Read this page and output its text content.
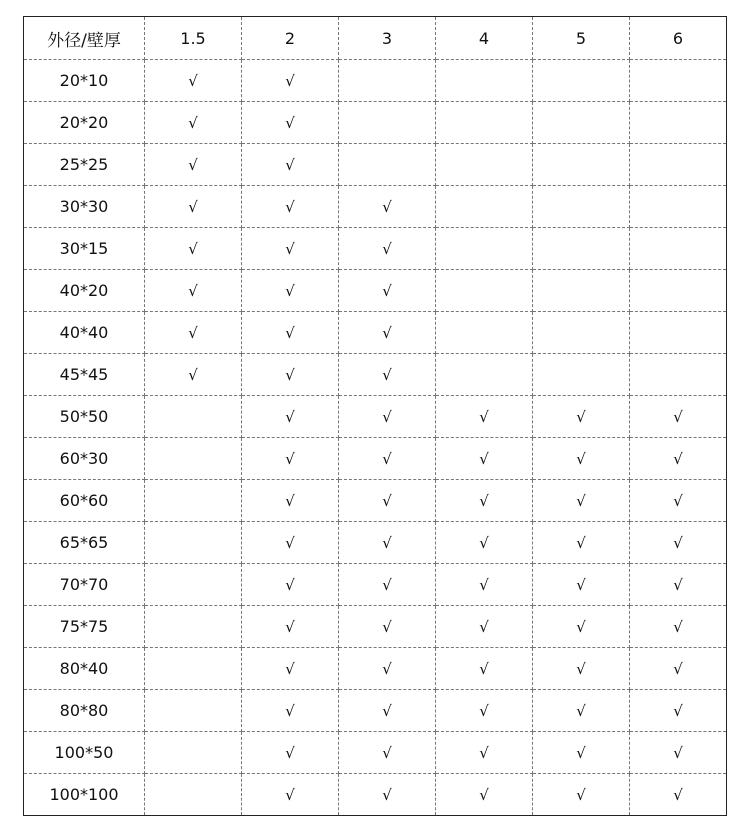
外径/壁厚	1.5	2	3	4	5	6
20*10	√	√				
20*20	√	√				
25*25	√	√				
30*30	√	√	√			
30*15	√	√	√			
40*20	√	√	√			
40*40	√	√	√			
45*45	√	√	√			
50*50		√	√	√	√	√
60*30		√	√	√	√	√
60*60		√	√	√	√	√
65*65		√	√	√	√	√
70*70		√	√	√	√	√
75*75		√	√	√	√	√
80*40		√	√	√	√	√
80*80		√	√	√	√	√
100*50		√	√	√	√	√
100*100		√	√	√	√	√
